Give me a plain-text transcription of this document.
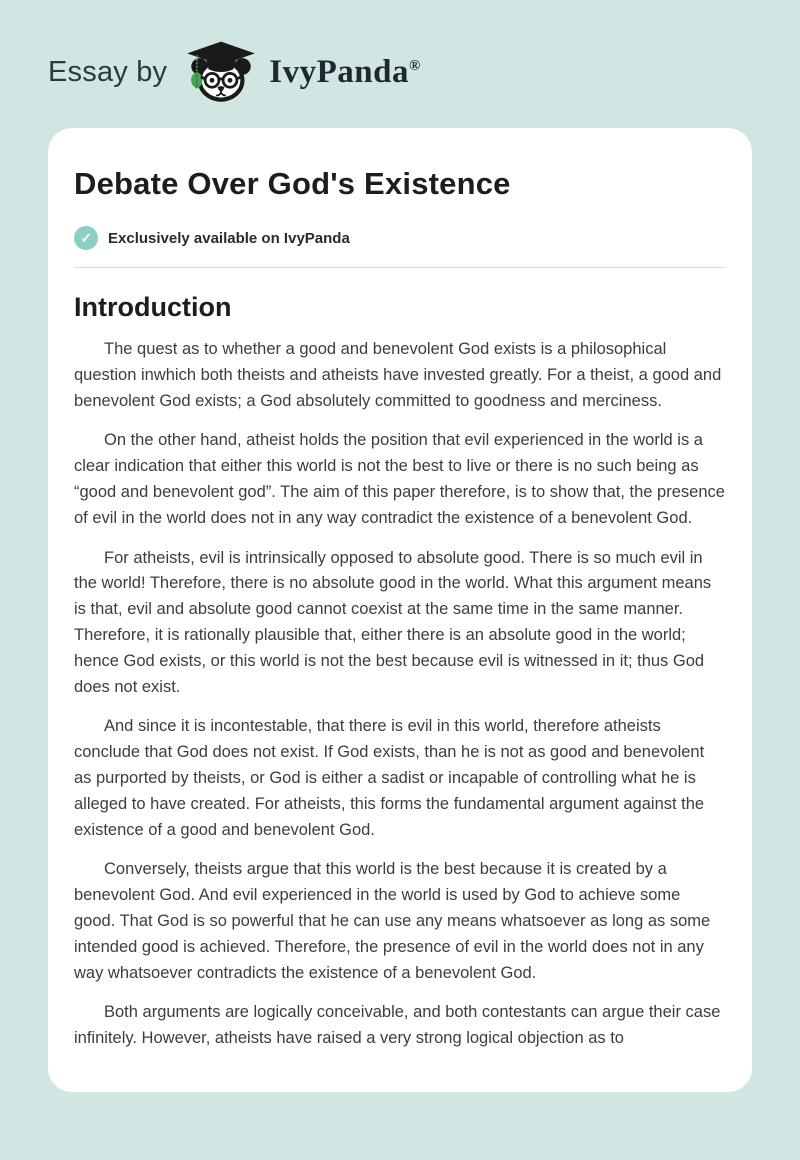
Essay by	IvyPanda®
Debate Over God's Existence
✓	Exclusively available on IvyPanda
Introduction

The quest as to whether a good and benevolent God exists is a philosophical question inwhich both theists and atheists have invested greatly. For a theist, a good and benevolent God exists; a God absolutely committed to goodness and merciness.

On the other hand, atheist holds the position that evil experienced in the world is a clear indication that either this world is not the best to live or there is no such being as “good and benevolent god”. The aim of this paper therefore, is to show that, the presence of evil in the world does not in any way contradict the existence of a benevolent God.

For atheists, evil is intrinsically opposed to absolute good. There is so much evil in the world! Therefore, there is no absolute good in the world. What this argument means is that, evil and absolute good cannot coexist at the same time in the same manner. Therefore, it is rationally plausible that, either there is an absolute good in the world; hence God exists, or this world is not the best because evil is witnessed in it; thus God does not exist.

And since it is incontestable, that there is evil in this world, therefore atheists conclude that God does not exist. If God exists, than he is not as good and benevolent as purported by theists, or God is either a sadist or incapable of controlling what he is alleged to have created. For atheists, this forms the fundamental argument against the existence of a good and benevolent God.

Conversely, theists argue that this world is the best because it is created by a benevolent God. And evil experienced in the world is used by God to achieve some good. That God is so powerful that he can use any means whatsoever as long as some intended good is achieved. Therefore, the presence of evil in the world does not in any way whatsoever contradicts the existence of a benevolent God.

Both arguments are logically conceivable, and both contestants can argue their case infinitely. However, atheists have raised a very strong logical objection as to
